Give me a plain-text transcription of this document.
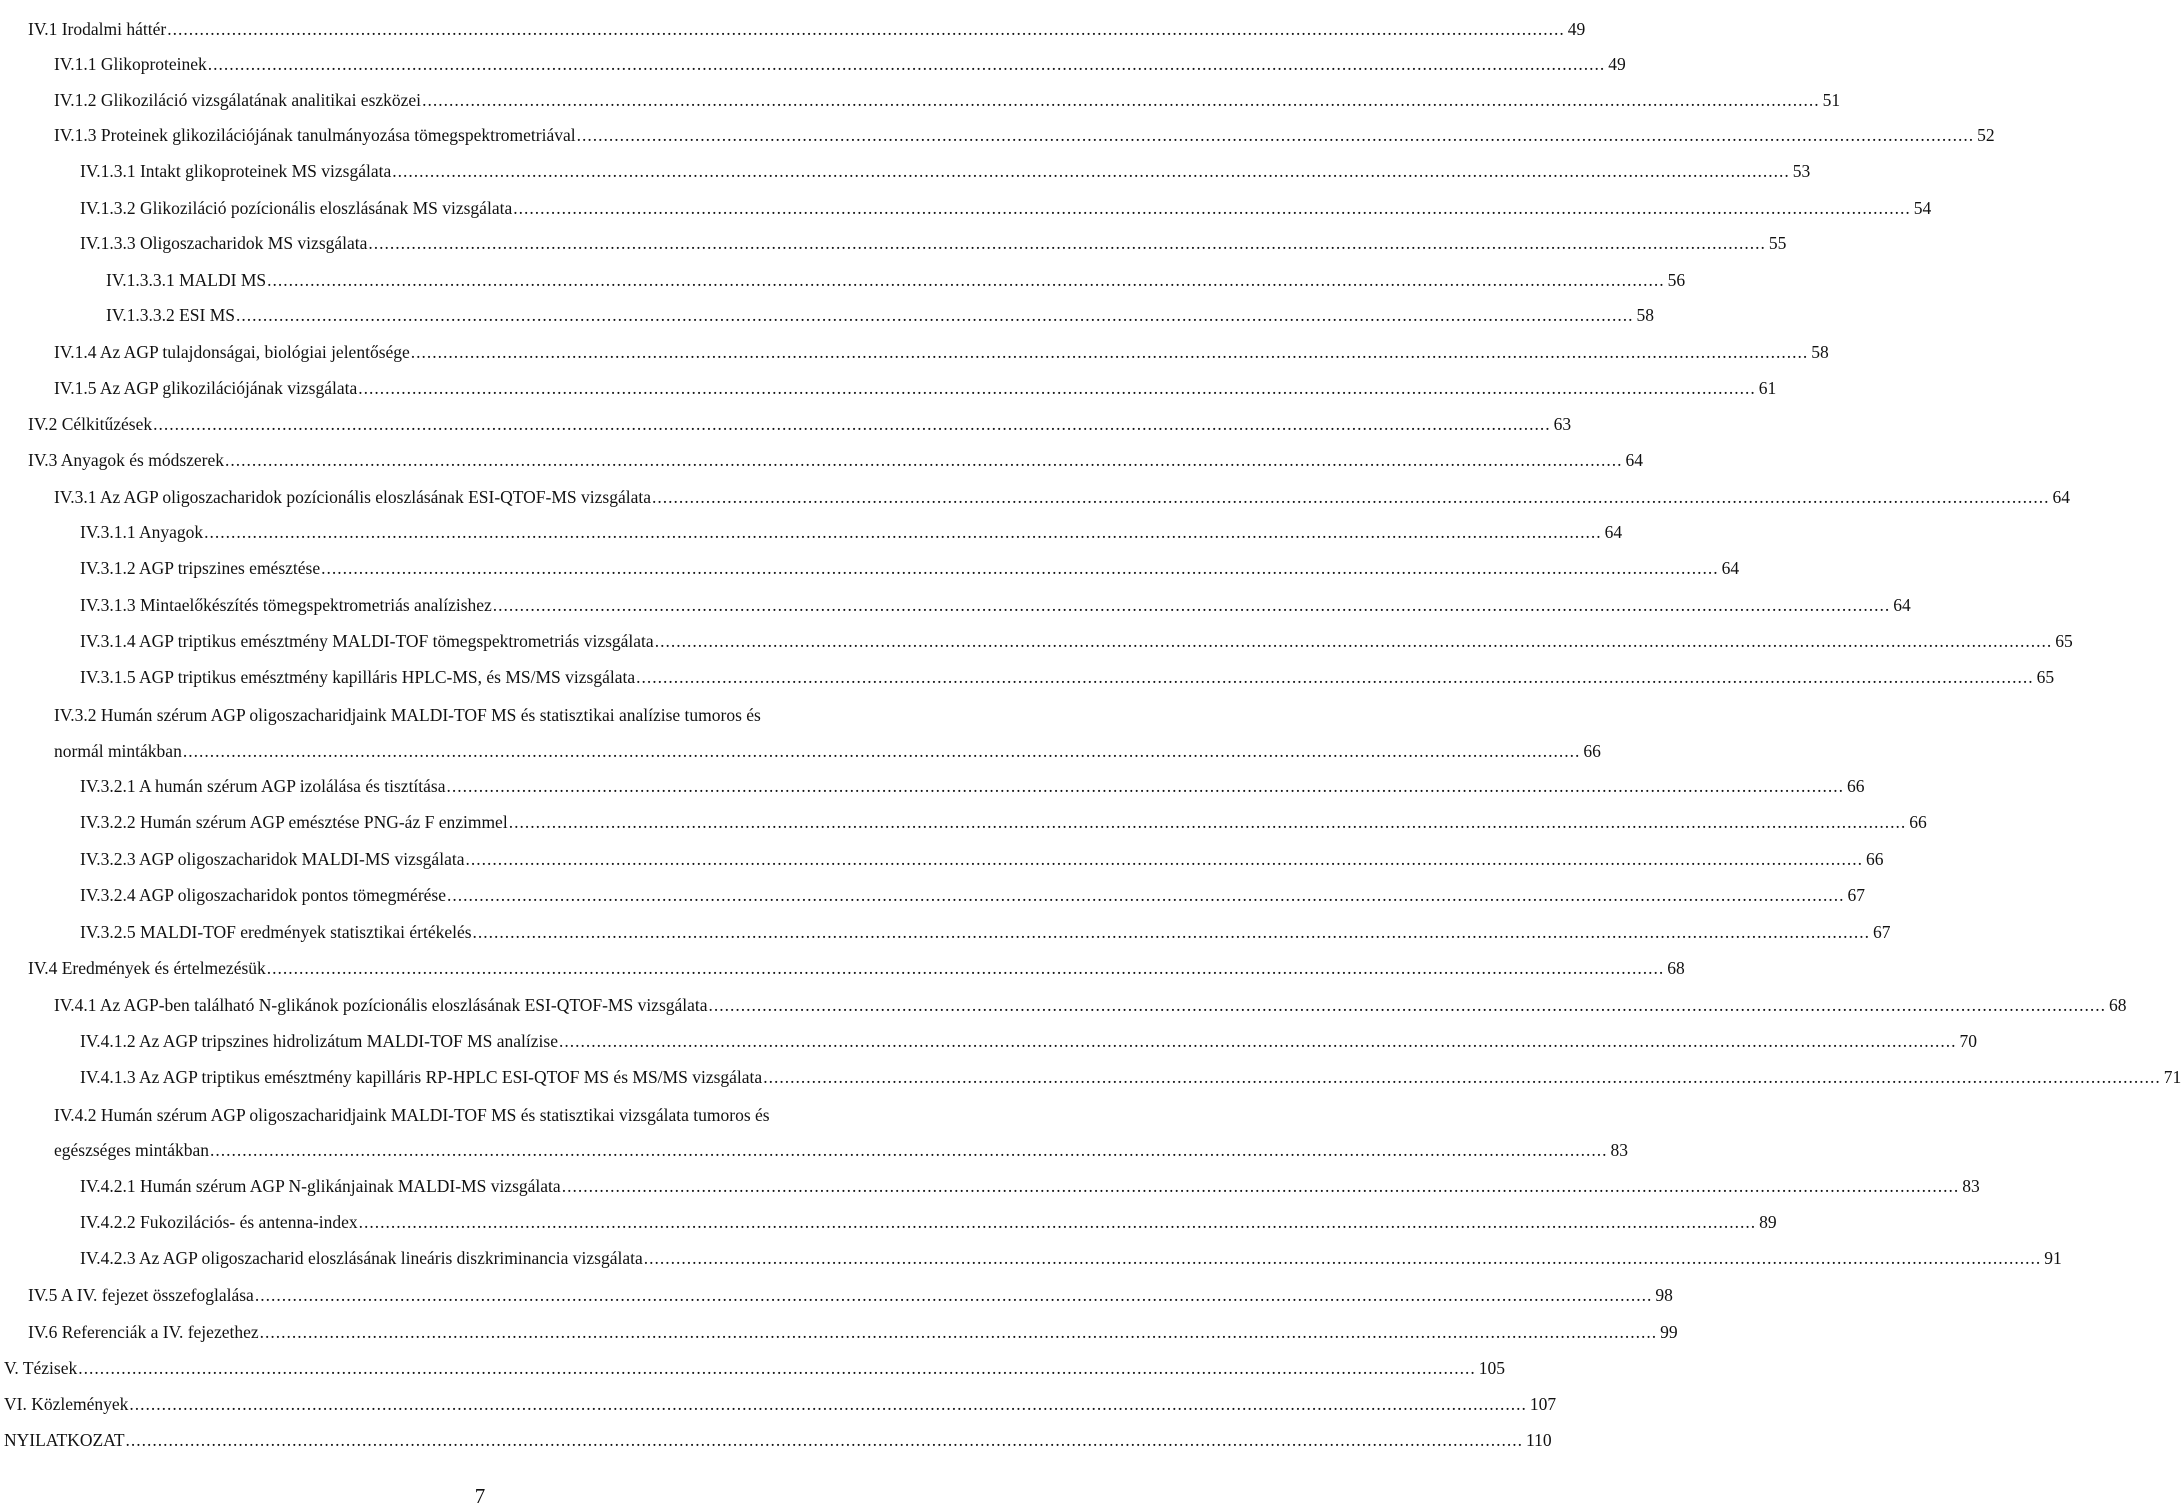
IV.1 Irodalmi háttér .................................................................................................................................................................................................................................................................... 49
IV.1.1 Glikoproteinek .................................................................................................................................................................................................................................................................... 49
IV.1.2 Glikoziláció vizsgálatának analitikai eszközei .................................................................................................................................................................................................................................................................... 51
IV.1.3 Proteinek glikozilációjának tanulmányozása tömegspektrometriával .................................................................................................................................................................................................................................................................... 52
IV.1.3.1 Intakt glikoproteinek MS vizsgálata .................................................................................................................................................................................................................................................................... 53
IV.1.3.2 Glikoziláció pozícionális eloszlásának MS vizsgálata .................................................................................................................................................................................................................................................................... 54
IV.1.3.3 Oligoszacharidok MS vizsgálata .................................................................................................................................................................................................................................................................... 55
IV.1.3.3.1 MALDI MS .................................................................................................................................................................................................................................................................... 56
IV.1.3.3.2 ESI MS .................................................................................................................................................................................................................................................................... 58
IV.1.4 Az AGP tulajdonságai, biológiai jelentősége .................................................................................................................................................................................................................................................................... 58
IV.1.5 Az AGP glikozilációjának vizsgálata .................................................................................................................................................................................................................................................................... 61
IV.2 Célkitűzések .................................................................................................................................................................................................................................................................... 63
IV.3 Anyagok és módszerek .................................................................................................................................................................................................................................................................... 64
IV.3.1 Az AGP oligoszacharidok pozícionális eloszlásának ESI-QTOF-MS vizsgálata .................................................................................................................................................................................................................................................................... 64
IV.3.1.1 Anyagok .................................................................................................................................................................................................................................................................... 64
IV.3.1.2 AGP tripszines emésztése .................................................................................................................................................................................................................................................................... 64
IV.3.1.3 Mintaelőkészítés tömegspektrometriás analízishez .................................................................................................................................................................................................................................................................... 64
IV.3.1.4 AGP triptikus emésztmény MALDI-TOF tömegspektrometriás vizsgálata .................................................................................................................................................................................................................................................................... 65
IV.3.1.5 AGP triptikus emésztmény kapilláris HPLC-MS, és MS/MS vizsgálata .................................................................................................................................................................................................................................................................... 65
IV.3.2 Humán szérum AGP oligoszacharidjaink MALDI-TOF MS és statisztikai analízise tumoros és
normál mintákban .................................................................................................................................................................................................................................................................... 66
IV.3.2.1 A humán szérum AGP izolálása és tisztítása .................................................................................................................................................................................................................................................................... 66
IV.3.2.2 Humán szérum AGP emésztése PNG-áz F enzimmel .................................................................................................................................................................................................................................................................... 66
IV.3.2.3 AGP oligoszacharidok MALDI-MS vizsgálata .................................................................................................................................................................................................................................................................... 66
IV.3.2.4 AGP oligoszacharidok pontos tömegmérése .................................................................................................................................................................................................................................................................... 67
IV.3.2.5 MALDI-TOF eredmények statisztikai értékelés .................................................................................................................................................................................................................................................................... 67
IV.4 Eredmények és értelmezésük .................................................................................................................................................................................................................................................................... 68
IV.4.1 Az AGP-ben található N-glikánok pozícionális eloszlásának ESI-QTOF-MS vizsgálata .................................................................................................................................................................................................................................................................... 68
IV.4.1.2 Az AGP tripszines hidrolizátum MALDI-TOF MS analízise .................................................................................................................................................................................................................................................................... 70
IV.4.1.3 Az AGP triptikus emésztmény kapilláris RP-HPLC ESI-QTOF MS és MS/MS vizsgálata .................................................................................................................................................................................................................................................................... 71
IV.4.2 Humán szérum AGP oligoszacharidjaink MALDI-TOF MS és statisztikai vizsgálata tumoros és
egészséges mintákban .................................................................................................................................................................................................................................................................... 83
IV.4.2.1 Humán szérum AGP N-glikánjainak MALDI-MS vizsgálata .................................................................................................................................................................................................................................................................... 83
IV.4.2.2 Fukozilációs- és antenna-index .................................................................................................................................................................................................................................................................... 89
IV.4.2.3 Az AGP oligoszacharid eloszlásának lineáris diszkriminancia vizsgálata .................................................................................................................................................................................................................................................................... 91
IV.5 A IV. fejezet összefoglalása .................................................................................................................................................................................................................................................................... 98
IV.6 Referenciák a IV. fejezethez .................................................................................................................................................................................................................................................................... 99
V. Tézisek .................................................................................................................................................................................................................................................................... 105
VI. Közlemények .................................................................................................................................................................................................................................................................... 107
NYILATKOZAT .................................................................................................................................................................................................................................................................... 110
7
